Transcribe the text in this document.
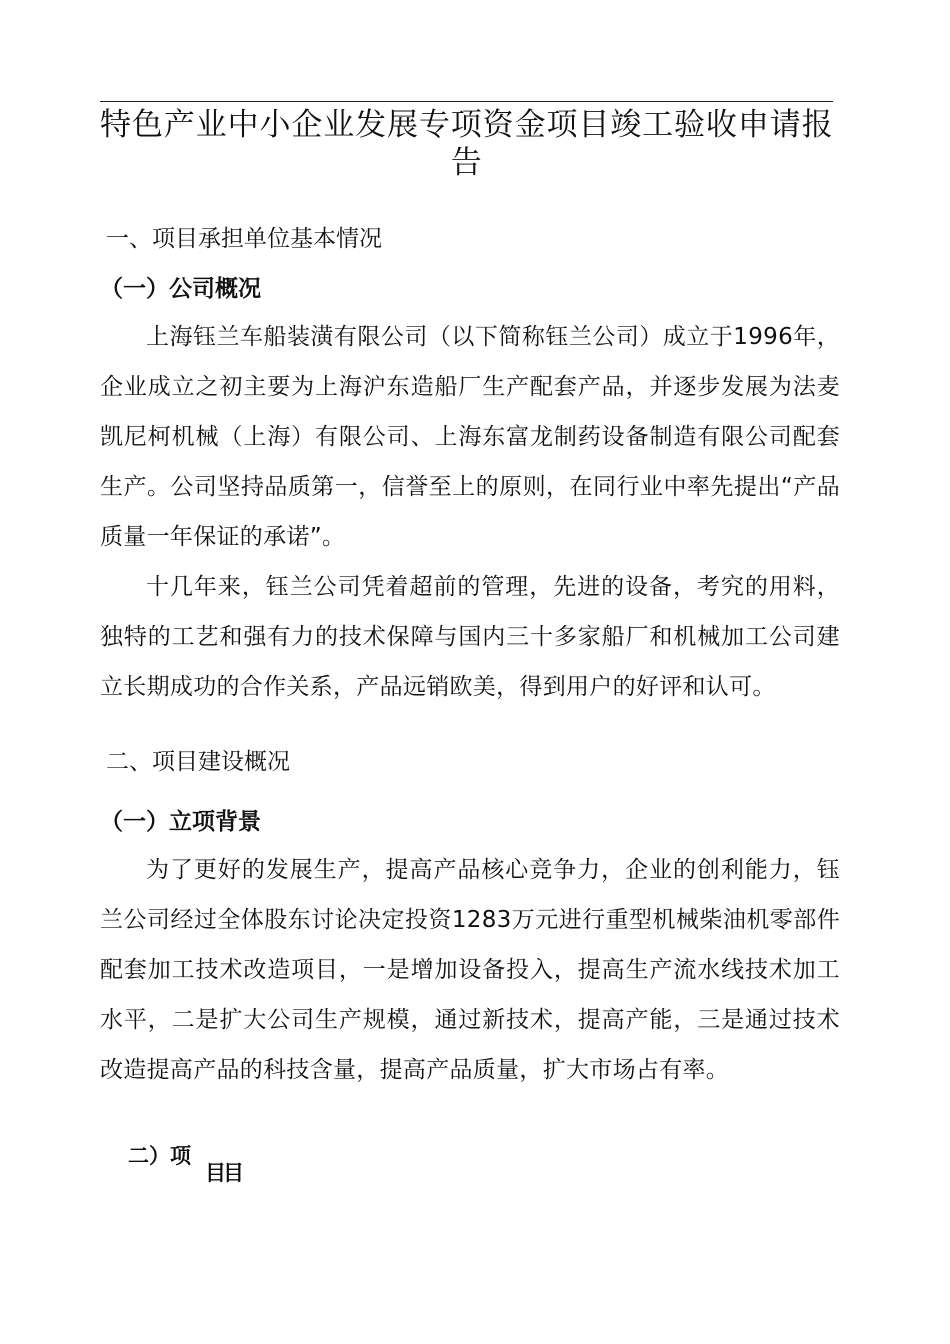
特色产业中小企业发展专项资金项目竣工验收申请报告
一、项目承担单位基本情况
（一）公司概况

上海钰兰车船装潢有限公司（以下简称钰兰公司）成立于1996年，企业成立之初主要为上海沪东造船厂生产配套产品，并逐步发展为法麦凯尼柯机械（上海）有限公司、上海东富龙制药设备制造有限公司配套生产。公司坚持品质第一，信誉至上的原则，在同行业中率先提出“产品质量一年保证的承诺”。

十几年来，钰兰公司凭着超前的管理，先进的设备，考究的用料，独特的工艺和强有力的技术保障与国内三十多家船厂和机械加工公司建立长期成功的合作关系，产品远销欧美，得到用户的好评和认可。

二、项目建设概况
（一）立项背景

为了更好的发展生产，提高产品核心竞争力，企业的创利能力，钰兰公司经过全体股东讨论决定投资1283万元进行重型机械柴油机零部件配套加工技术改造项目，一是增加设备投入，提高生产流水线技术加工水平，二是扩大公司生产规模，通过新技术，提高产能，三是通过技术改造提高产品的科技含量，提高产品质量，扩大市场占有率。

二）项
目目
